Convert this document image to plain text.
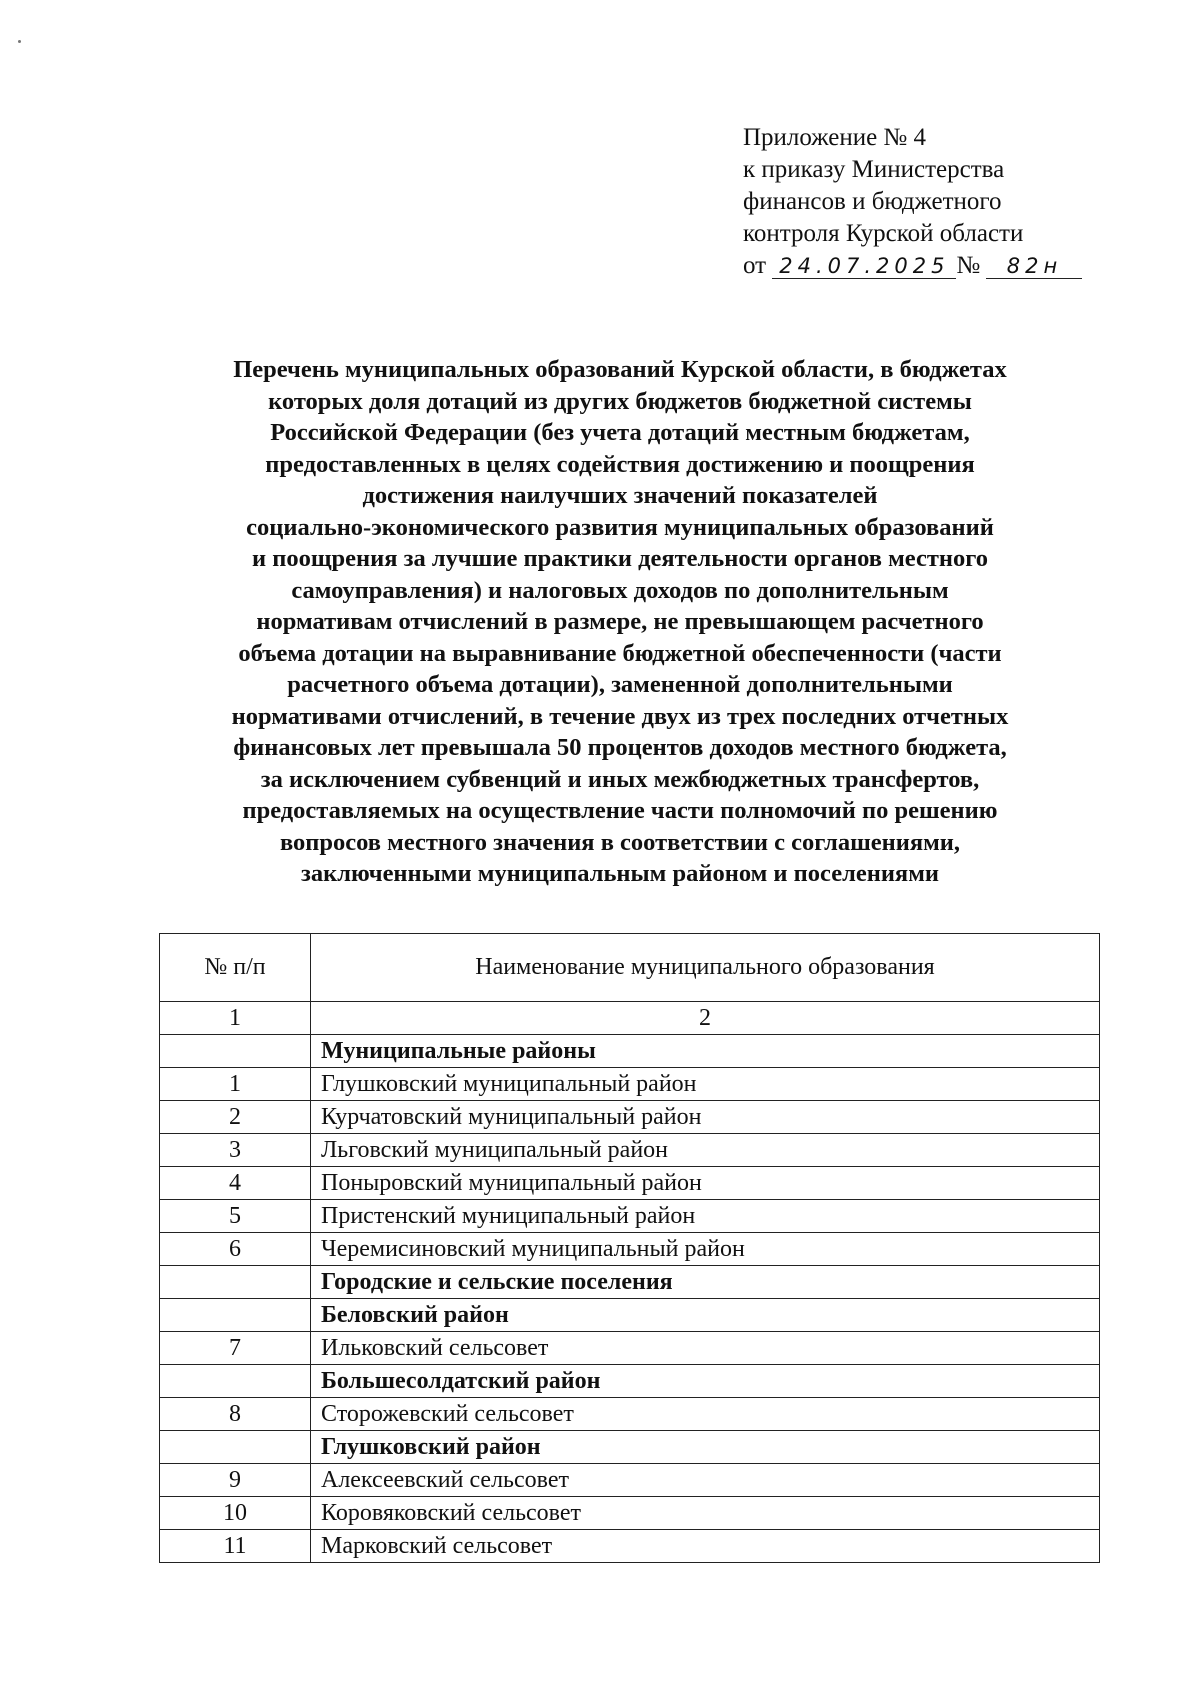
Приложение № 4
к приказу Министерства
финансов и бюджетного
контроля Курской области
от 24.07.2025 № 82н
Перечень муниципальных образований Курской области, в бюджетах
которых доля дотаций из других бюджетов бюджетной системы
Российской Федерации (без учета дотаций местным бюджетам,
предоставленных в целях содействия достижению и поощрения
достижения наилучших значений показателей
социально-экономического развития муниципальных образований
и поощрения за лучшие практики деятельности органов местного
самоуправления) и налоговых доходов по дополнительным
нормативам отчислений в размере, не превышающем расчетного
объема дотации на выравнивание бюджетной обеспеченности (части
расчетного объема дотации), замененной дополнительными
нормативами отчислений, в течение двух из трех последних отчетных
финансовых лет превышала 50 процентов доходов местного бюджета,
за исключением субвенций и иных межбюджетных трансфертов,
предоставляемых на осуществление части полномочий по решению
вопросов местного значения в соответствии с соглашениями,
заключенными муниципальным районом и поселениями
№ п/п	Наименование муниципального образования
1	2
	Муниципальные районы
1	Глушковский муниципальный район
2	Курчатовский муниципальный район
3	Льговский муниципальный район
4	Поныровский муниципальный район
5	Пристенский муниципальный район
6	Черемисиновский муниципальный район
	Городские и сельские поселения
	Беловский район
7	Ильковский сельсовет
	Большесолдатский район
8	Сторожевский сельсовет
	Глушковский район
9	Алексеевский сельсовет
10	Коровяковский сельсовет
11	Марковский сельсовет
